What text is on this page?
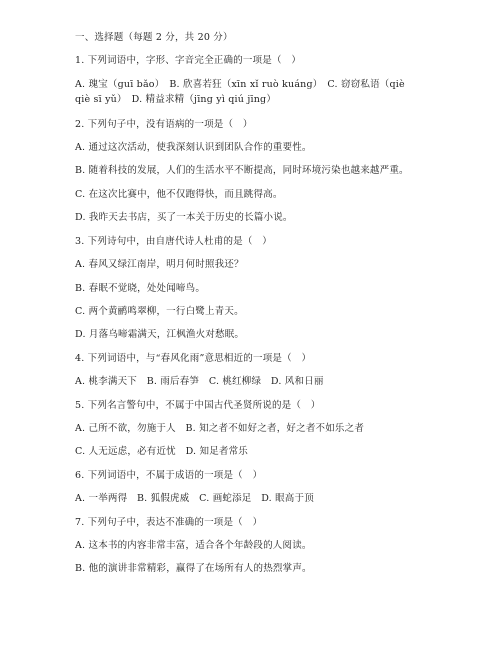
一、选择题（每题 2 分，共 20 分）
1. 下列词语中，字形、字音完全正确的一项是（　）
A. 瑰宝（guī bǎo）　B. 欣喜若狂（xīn xǐ ruò kuáng）　C. 窃窃私语（qiè
qiè sī yǔ）　D. 精益求精（jīng yì qiú jīng）
2. 下列句子中，没有语病的一项是（　）
A. 通过这次活动，使我深刻认识到团队合作的重要性。
B. 随着科技的发展，人们的生活水平不断提高，同时环境污染也越来越严重。
C. 在这次比赛中，他不仅跑得快，而且跳得高。
D. 我昨天去书店，买了一本关于历史的长篇小说。
3. 下列诗句中，由自唐代诗人杜甫的是（　）
A. 春风又绿江南岸，明月何时照我还？
B. 春眠不觉晓，处处闻啼鸟。
C. 两个黄鹂鸣翠柳，一行白鹭上青天。
D. 月落乌啼霜满天，江枫渔火对愁眠。
4. 下列词语中，与“春风化雨”意思相近的一项是（　）
A. 桃李满天下　B. 雨后春笋　C. 桃红柳绿　D. 风和日丽
5. 下列名言警句中，不属于中国古代圣贤所说的是（　）
A. 己所不欲，勿施于人　B. 知之者不如好之者，好之者不如乐之者
C. 人无远虑，必有近忧　D. 知足者常乐
6. 下列词语中，不属于成语的一项是（　）
A. 一举两得　B. 狐假虎威　C. 画蛇添足　D. 眼高于顶
7. 下列句子中，表达不准确的一项是（　）
A. 这本书的内容非常丰富，适合各个年龄段的人阅读。
B. 他的演讲非常精彩，赢得了在场所有人的热烈掌声。
